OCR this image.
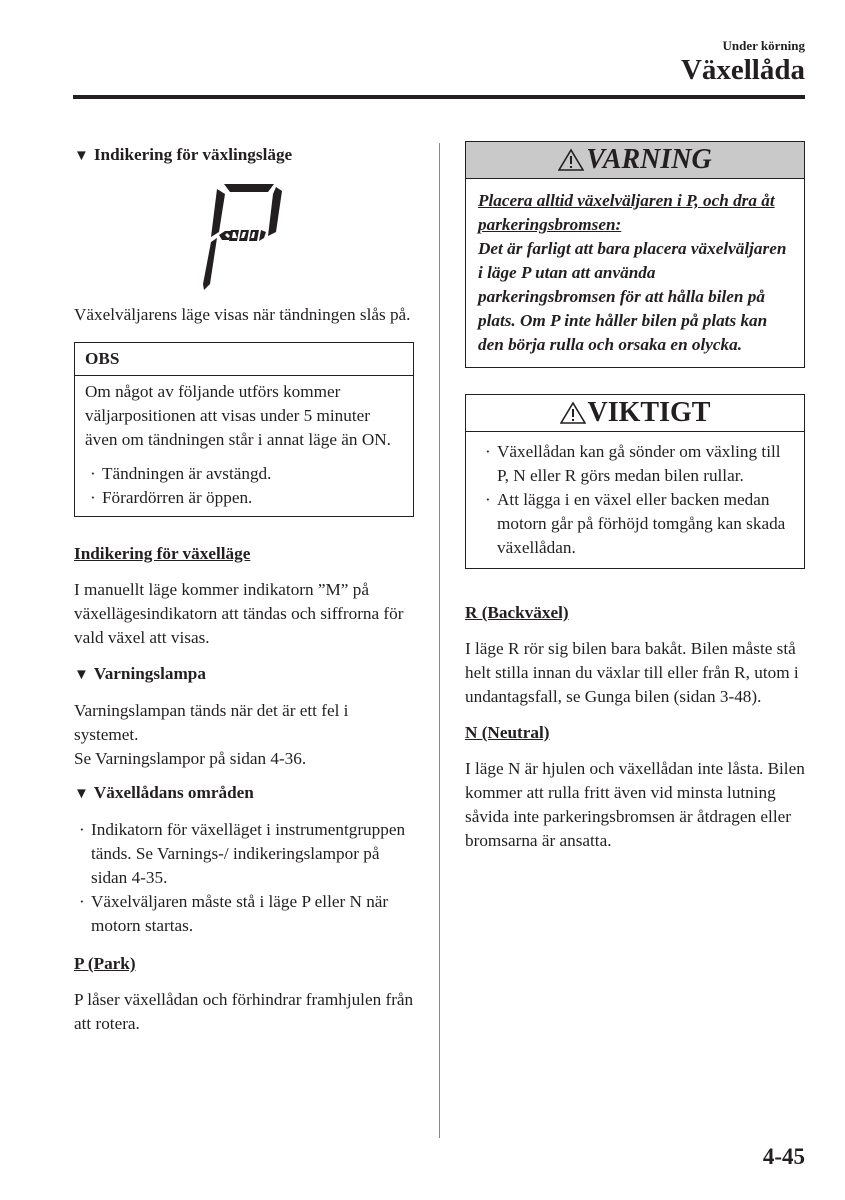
Under körning
Växellåda
▼ Indikering för växlingsläge

Växelväljarens läge visas när tändningen slås på.

OBS

Om något av följande utförs kommer väljarpositionen att visas under 5 minuter även om tändningen står i annat läge än ON.

· Tändningen är avstängd.
· Förardörren är öppen.
Indikering för växelläge

I manuellt läge kommer indikatorn ”M” på växellägesindikatorn att tändas och siffrorna för vald växel att visas.

▼ Varningslampa

Varningslampan tänds när det är ett fel i systemet.

Se Varningslampor på sidan 4-36.

▼ Växellådans områden
· Indikatorn för växelläget i instrumentgruppen tänds. Se Varnings-/ indikeringslampor på sidan 4-35.
· Växelväljaren måste stå i läge P eller N när motorn startas.
P (Park)

P låser växellådan och förhindrar framhjulen från att rotera.

VARNING

Placera alltid växelväljaren i P, och dra åt parkeringsbromsen:

Det är farligt att bara placera växelväljaren i läge P utan att använda parkeringsbromsen för att hålla bilen på plats. Om P inte håller bilen på plats kan den börja rulla och orsaka en olycka.

VIKTIGT
· Växellådan kan gå sönder om växling till P, N eller R görs medan bilen rullar.
· Att lägga i en växel eller backen medan motorn går på förhöjd tomgång kan skada växellådan.
R (Backväxel)

I läge R rör sig bilen bara bakåt. Bilen måste stå helt stilla innan du växlar till eller från R, utom i undantagsfall, se Gunga bilen (sidan 3-48).

N (Neutral)

I läge N är hjulen och växellådan inte låsta. Bilen kommer att rulla fritt även vid minsta lutning såvida inte parkeringsbromsen är åtdragen eller bromsarna är ansatta.

4-45
